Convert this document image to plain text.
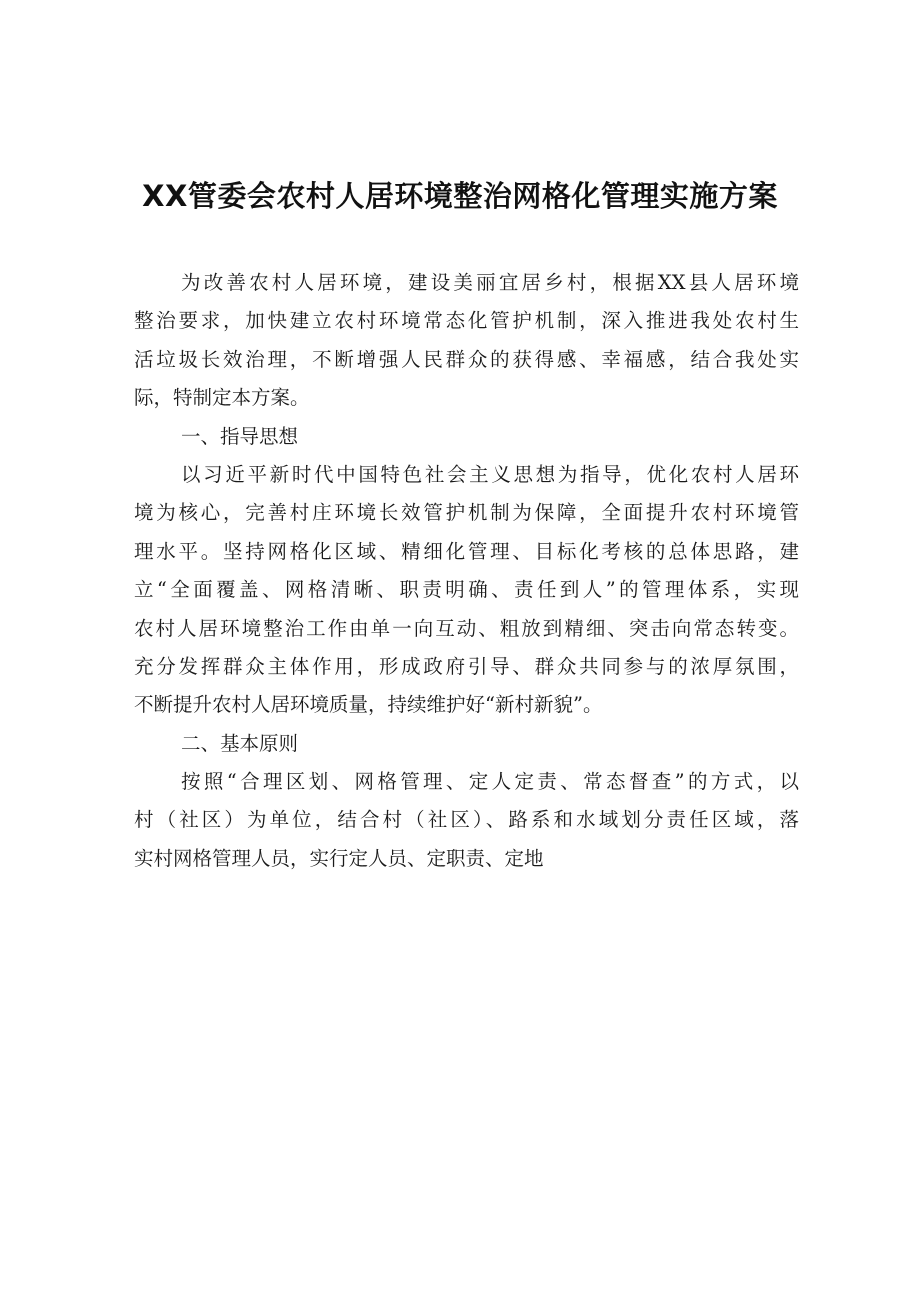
XX管委会农村人居环境整治网格化管理实施方案
为改善农村人居环境，建设美丽宜居乡村，根据XX县人居环境
整治要求，加快建立农村环境常态化管护机制，深入推进我处农村生
活垃圾长效治理，不断增强人民群众的获得感、幸福感，结合我处实
际，特制定本方案。
一、指导思想
以习近平新时代中国特色社会主义思想为指导，优化农村人居环
境为核心，完善村庄环境长效管护机制为保障，全面提升农村环境管
理水平。坚持网格化区域、精细化管理、目标化考核的总体思路，建
立“全面覆盖、网格清晰、职责明确、责任到人”的管理体系，实现
农村人居环境整治工作由单一向互动、粗放到精细、突击向常态转变。
充分发挥群众主体作用，形成政府引导、群众共同参与的浓厚氛围，
不断提升农村人居环境质量，持续维护好“新村新貌”。
二、基本原则
按照“合理区划、网格管理、定人定责、常态督查”的方式，以
村（社区）为单位，结合村（社区）、路系和水域划分责任区域，落
实村网格管理人员，实行定人员、定职责、定地
